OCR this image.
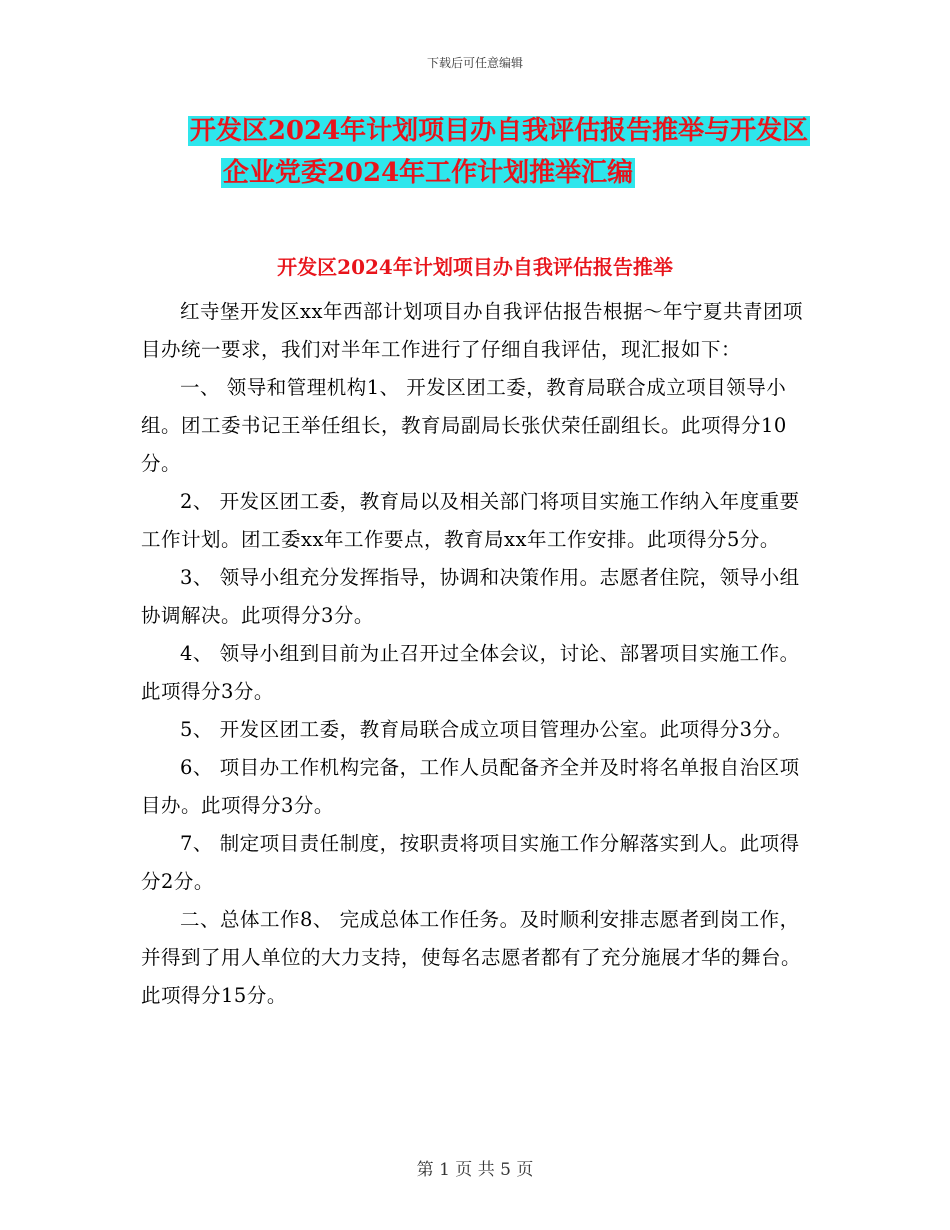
下载后可任意编辑
开发区2024年计划项目办自我评估报告推举与开发区
企业党委2024年工作计划推举汇编
开发区2024年计划项目办自我评估报告推举

红寺堡开发区xx年西部计划项目办自我评估报告根据～年宁夏共青团项目办统一要求，我们对半年工作进行了仔细自我评估，现汇报如下：

一、 领导和管理机构1、 开发区团工委，教育局联合成立项目领导小组。团工委书记王举任组长，教育局副局长张伏荣任副组长。此项得分10分。

2、 开发区团工委，教育局以及相关部门将项目实施工作纳入年度重要工作计划。团工委xx年工作要点，教育局xx年工作安排。此项得分5分。

3、 领导小组充分发挥指导，协调和决策作用。志愿者住院，领导小组协调解决。此项得分3分。

4、 领导小组到目前为止召开过全体会议，讨论、部署项目实施工作。此项得分3分。

5、 开发区团工委，教育局联合成立项目管理办公室。此项得分3分。

6、 项目办工作机构完备，工作人员配备齐全并及时将名单报自治区项目办。此项得分3分。

7、 制定项目责任制度，按职责将项目实施工作分解落实到人。此项得分2分。

二、总体工作8、 完成总体工作任务。及时顺利安排志愿者到岗工作，并得到了用人单位的大力支持，使每名志愿者都有了充分施展才华的舞台。此项得分15分。

第 1 页 共 5 页
